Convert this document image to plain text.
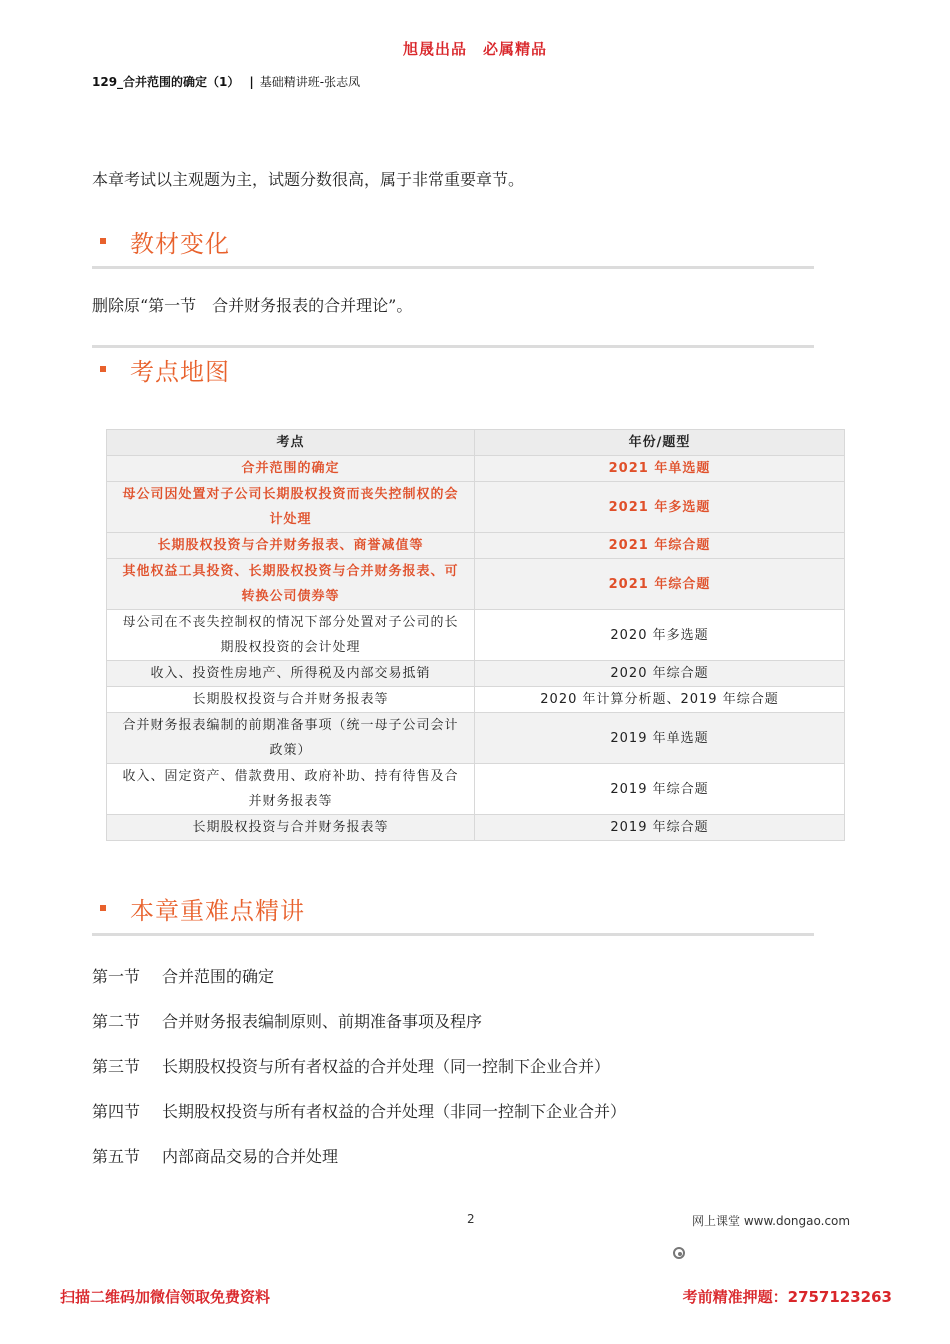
旭晟出品　必属精品
129_合并范围的确定（1） | 基础精讲班-张志凤
本章考试以主观题为主，试题分数很高，属于非常重要章节。
教材变化
删除原“第一节　合并财务报表的合并理论”。
考点地图
考点	年份/题型
合并范围的确定	2021 年单选题
母公司因处置对子公司长期股权投资而丧失控制权的会计处理	2021 年多选题
长期股权投资与合并财务报表、商誉减值等	2021 年综合题
其他权益工具投资、长期股权投资与合并财务报表、可转换公司债券等	2021 年综合题
母公司在不丧失控制权的情况下部分处置对子公司的长期股权投资的会计处理	2020 年多选题
收入、投资性房地产、所得税及内部交易抵销	2020 年综合题
长期股权投资与合并财务报表等	2020 年计算分析题、2019 年综合题
合并财务报表编制的前期准备事项（统一母子公司会计政策）	2019 年单选题
收入、固定资产、借款费用、政府补助、持有待售及合并财务报表等	2019 年综合题
长期股权投资与合并财务报表等	2019 年综合题
本章重难点精讲
第一节 合并范围的确定
第二节 合并财务报表编制原则、前期准备事项及程序
第三节 长期股权投资与所有者权益的合并处理（同一控制下企业合并）
第四节 长期股权投资与所有者权益的合并处理（非同一控制下企业合并）
第五节 内部商品交易的合并处理
2	网上课堂 www.dongao.com
扫描二维码加微信领取免费资料	考前精准押题：2757123263
